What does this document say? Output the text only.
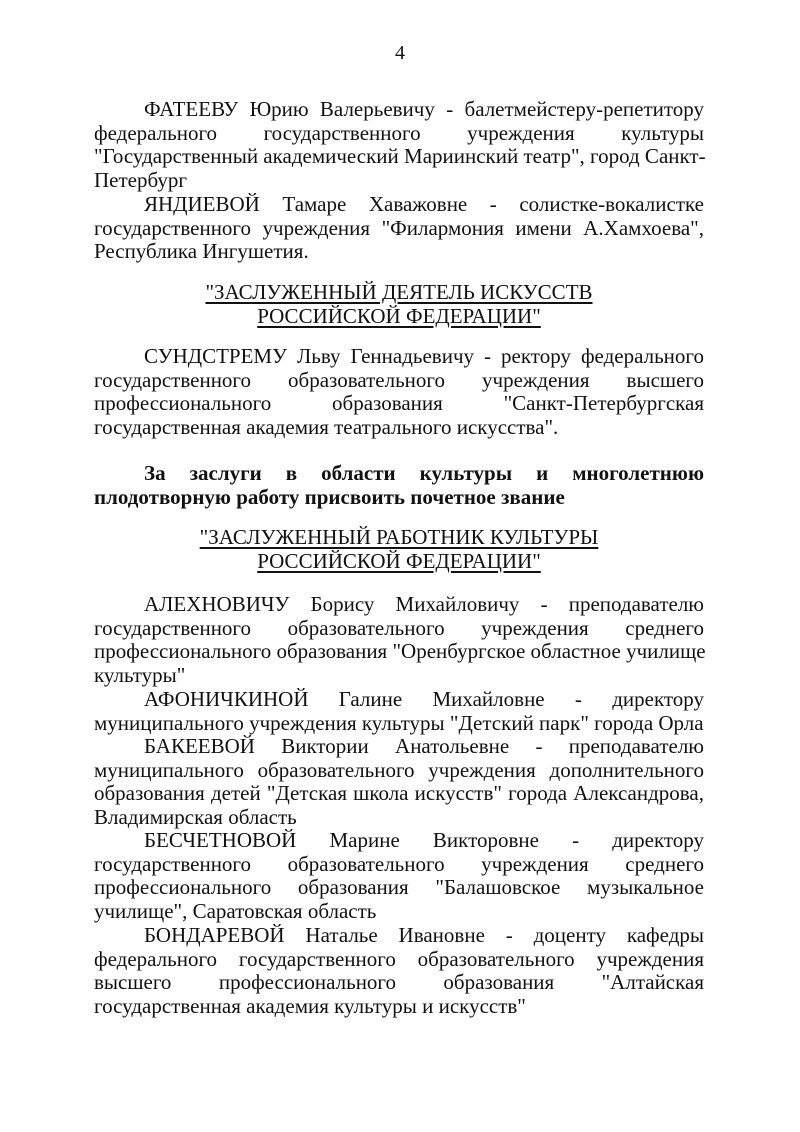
4
ФАТЕЕВУ Юрию Валерьевичу - балетмейстеру-репетитору
федерального государственного учреждения культуры
"Государственный академический Мариинский театр", город Санкт-
Петербург
ЯНДИЕВОЙ Тамаре Хаважовне - солистке-вокалистке
государственного учреждения "Филармония имени А.Хамхоева",
Республика Ингушетия.
"ЗАСЛУЖЕННЫЙ ДЕЯТЕЛЬ ИСКУССТВ
РОССИЙСКОЙ ФЕДЕРАЦИИ"
СУНДСТРЕМУ Льву Геннадьевичу - ректору федерального
государственного образовательного учреждения высшего
профессионального образования "Санкт-Петербургская
государственная академия театрального искусства".
За заслуги в области культуры и многолетнюю
плодотворную работу присвоить почетное звание
"ЗАСЛУЖЕННЫЙ РАБОТНИК КУЛЬТУРЫ
РОССИЙСКОЙ ФЕДЕРАЦИИ"
АЛЕХНОВИЧУ Борису Михайловичу - преподавателю
государственного образовательного учреждения среднего
профессионального образования "Оренбургское областное училище
культуры"
АФОНИЧКИНОЙ Галине Михайловне - директору
муниципального учреждения культуры "Детский парк" города Орла
БАКЕЕВОЙ Виктории Анатольевне - преподавателю
муниципального образовательного учреждения дополнительного
образования детей "Детская школа искусств" города Александрова,
Владимирская область
БЕСЧЕТНОВОЙ Марине Викторовне - директору
государственного образовательного учреждения среднего
профессионального образования "Балашовское музыкальное
училище", Саратовская область
БОНДАРЕВОЙ Наталье Ивановне - доценту кафедры
федерального государственного образовательного учреждения
высшего профессионального образования "Алтайская
государственная академия культуры и искусств"
